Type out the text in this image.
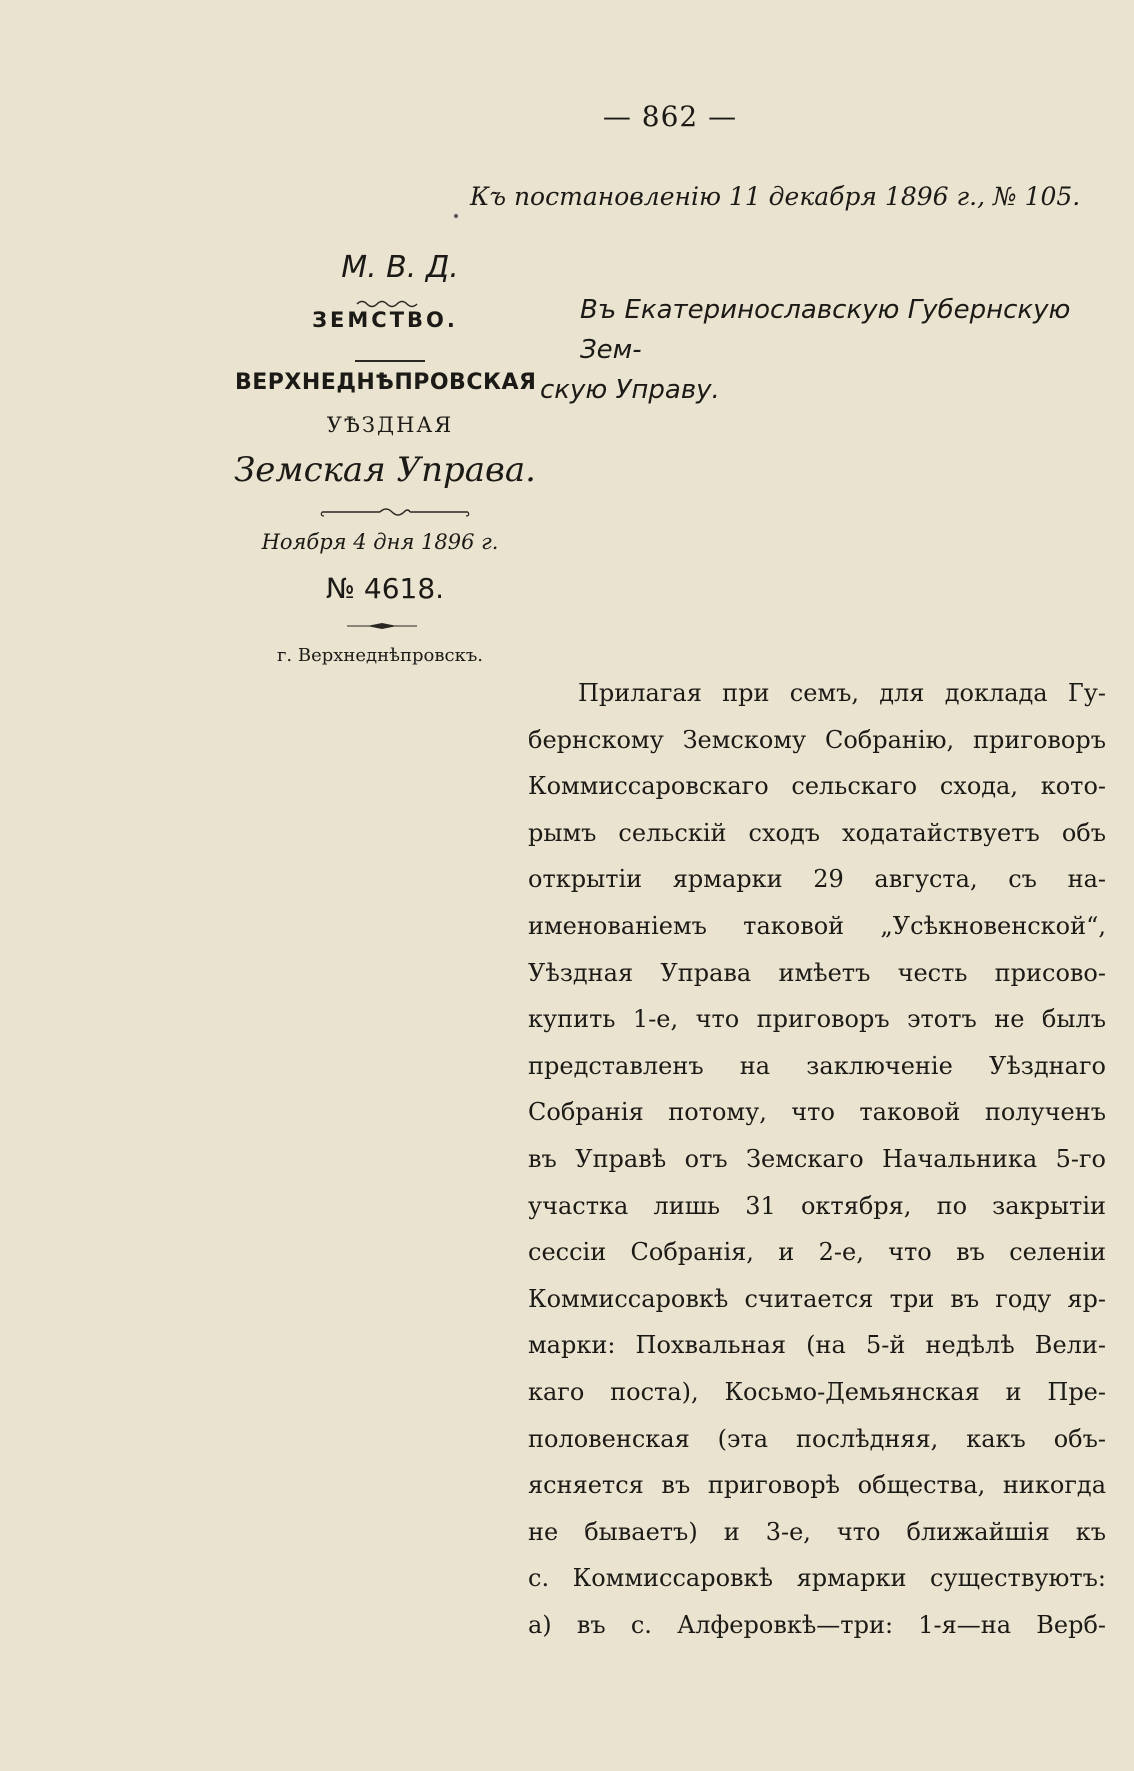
— 862 —
Къ постановленію 11 декабря 1896 г., № 105.
М. В. Д.
ЗЕМСТВО.
ВЕРХНЕДНѢПРОВСКАЯ
УѢЗДНАЯ
Земская Управа.
Ноября 4 дня 1896 г.
№ 4618.
г. Верхнеднѣпровскъ.
Въ Екатеринославскую Губернскую Зем-
скую Управу.
Прилагая при семъ, для доклада Гу-
бернскому Земскому Собранію, приговоръ
Коммиссаровскаго сельскаго схода, кото-
рымъ сельскій сходъ ходатайствуетъ объ
открытіи ярмарки 29 августа, съ на-
именованіемъ таковой „Усѣкновенской“,
Уѣздная Управа имѣетъ честь присово-
купить 1-е, что приговоръ этотъ не былъ
представленъ на заключеніе Уѣзднаго
Собранія потому, что таковой полученъ
въ Управѣ отъ Земскаго Начальника 5-го
участка лишь 31 октября, по закрытіи
сессіи Собранія, и 2-е, что въ селеніи
Коммиссаровкѣ считается три въ году яр-
марки: Похвальная (на 5-й недѣлѣ Вели-
каго поста), Косьмо-Демьянская и Пре-
половенская (эта послѣдняя, какъ объ-
ясняется въ приговорѣ общества, никогда
не бываетъ) и 3-е, что ближайшія къ
с. Коммиссаровкѣ ярмарки существуютъ:
а) въ с. Алферовкѣ—три: 1-я—на Верб-
